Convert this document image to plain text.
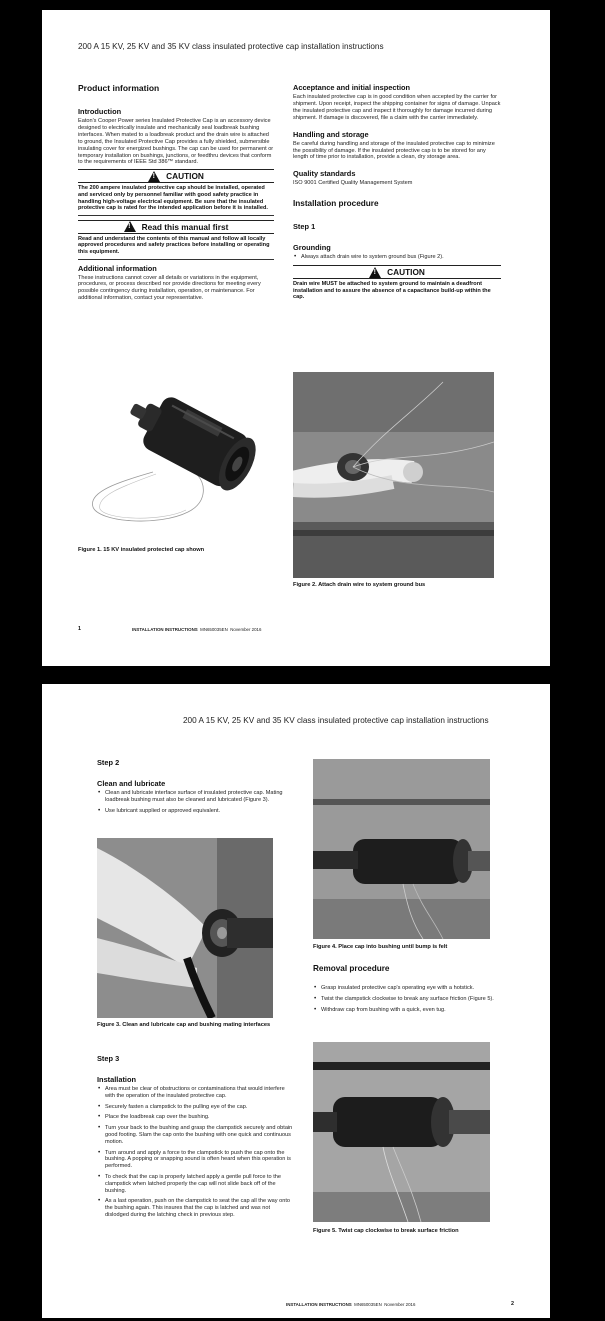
200 A 15 KV, 25 KV and 35 KV class insulated protective cap installation instructions
Product information
Introduction
Eaton's Cooper Power series Insulated Protective Cap is an accessory device designed to electrically insulate and mechanically seal loadbreak bushing interfaces. When mated to a loadbreak product and the drain wire is attached to ground, the Insulated Protective Cap provides a fully shielded, submersible insulating cover for energized bushings. The cap can be used for permanent or temporary installation on bushings, junctions, or feedthru devices that conform to the requirements of IEEE Std 386™ standard.
!
CAUTION
The 200 ampere insulated protective cap should be installed, operated and serviced only by personnel familiar with good safety practice in handling high-voltage electrical equipment. Be sure that the insulated protective cap is rated for the intended application before it is installed.
!
Read this manual first
Read and understand the contents of this manual and follow all locally approved procedures and safety practices before installing or operating this equipment.
Additional information
These instructions cannot cover all details or variations in the equipment, procedures, or process described nor provide directions for meeting every possible contingency during installation, operation, or maintenance. For additional information, contact your representative.
Figure 1. 15 KV insulated protected cap shown
Acceptance and initial inspection
Each insulated protective cap is in good condition when accepted by the carrier for shipment. Upon receipt, inspect the shipping container for signs of damage. Unpack the insulated protective cap and inspect it thoroughly for damage incurred during shipment. If damage is discovered, file a claim with the carrier immediately.
Handling and storage
Be careful during handling and storage of the insulated protective cap to minimize the possibility of damage. If the insulated protective cap is to be stored for any length of time prior to installation, provide a clean, dry storage area.
Quality standards
ISO 9001 Certified Quality Management System
Installation procedure
Step 1
Grounding
• Always attach drain wire to system ground bus (Figure 2).
!
CAUTION
Drain wire MUST be attached to system ground to maintain a deadfront installation and to assure the absence of a capacitance build-up within the cap.
Figure 2. Attach drain wire to system ground bus
1	INSTALLATION INSTRUCTIONS MN650035EN November 2016
200 A 15 KV, 25 KV and 35 KV class insulated protective cap installation instructions
Step 2
Clean and lubricate
• Clean and lubricate interface surface of insulated protective cap. Mating loadbreak bushing must also be cleaned and lubricated (Figure 3).
• Use lubricant supplied or approved equivalent.
Figure 3. Clean and lubricate cap and bushing mating interfaces
Step 3
Installation
• Area must be clear of obstructions or contaminations that would interfere with the operation of the insulated protective cap.
• Securely fasten a clampstick to the pulling eye of the cap.
• Place the loadbreak cap over the bushing.
• Turn your back to the bushing and grasp the clampstick securely and obtain good footing. Slam the cap onto the bushing with one quick and continuous motion.
• Turn around and apply a force to the clampstick to push the cap onto the bushing. A popping or snapping sound is often heard when this operation is performed.
• To check that the cap is properly latched apply a gentle pull force to the clampstick when latched properly the cap will not slide back off of the bushing.
• As a last operation, push on the clampstick to seat the cap all the way onto the bushing again. This insures that the cap is latched and was not dislodged during the latching check in previous step.
Figure 4. Place cap into bushing until bump is felt
Removal procedure
• Grasp insulated protective cap's operating eye with a hotstick.
• Twist the clampstick clockwise to break any surface friction (Figure 5).
• Withdraw cap from bushing with a quick, even tug.
Figure 5. Twist cap clockwise to break surface friction
INSTALLATION INSTRUCTIONS MN650035EN November 2016	2
